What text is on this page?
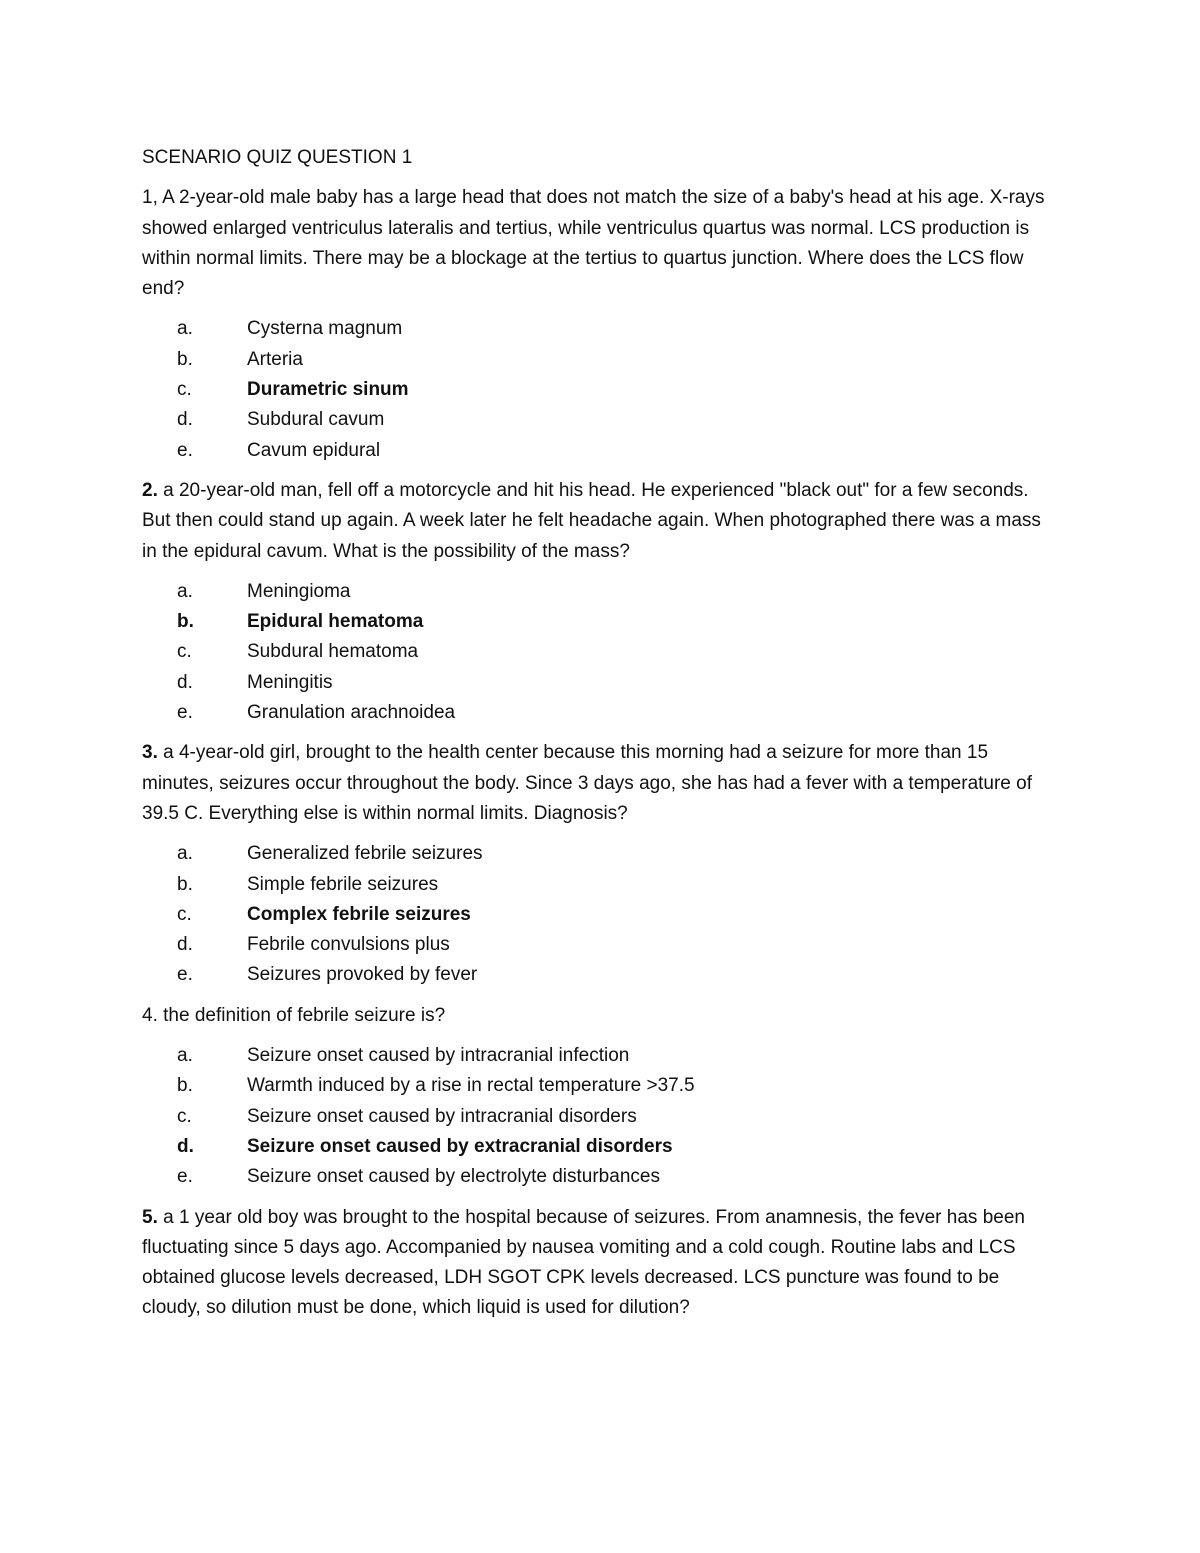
SCENARIO QUIZ QUESTION 1
1, A 2-year-old male baby has a large head that does not match the size of a baby's head at his age. X-rays showed enlarged ventriculus lateralis and tertius, while ventriculus quartus was normal. LCS production is within normal limits. There may be a blockage at the tertius to quartus junction. Where does the LCS flow end?
a.	Cysterna magnum
b.	Arteria
c.	Durametric sinum
d.	Subdural cavum
e.	Cavum epidural
2. a 20-year-old man, fell off a motorcycle and hit his head. He experienced "black out" for a few seconds. But then could stand up again. A week later he felt headache again. When photographed there was a mass in the epidural cavum. What is the possibility of the mass?
a.	Meningioma
b.	Epidural hematoma
c.	Subdural hematoma
d.	Meningitis
e.	Granulation arachnoidea
3. a 4-year-old girl, brought to the health center because this morning had a seizure for more than 15 minutes, seizures occur throughout the body. Since 3 days ago, she has had a fever with a temperature of 39.5 C. Everything else is within normal limits. Diagnosis?
a.	Generalized febrile seizures
b.	Simple febrile seizures
c.	Complex febrile seizures
d.	Febrile convulsions plus
e.	Seizures provoked by fever
4. the definition of febrile seizure is?
a.	Seizure onset caused by intracranial infection
b.	Warmth induced by a rise in rectal temperature >37.5
c.	Seizure onset caused by intracranial disorders
d.	Seizure onset caused by extracranial disorders
e.	Seizure onset caused by electrolyte disturbances
5. a 1 year old boy was brought to the hospital because of seizures. From anamnesis, the fever has been fluctuating since 5 days ago. Accompanied by nausea vomiting and a cold cough. Routine labs and LCS obtained glucose levels decreased, LDH SGOT CPK levels decreased. LCS puncture was found to be cloudy, so dilution must be done, which liquid is used for dilution?
